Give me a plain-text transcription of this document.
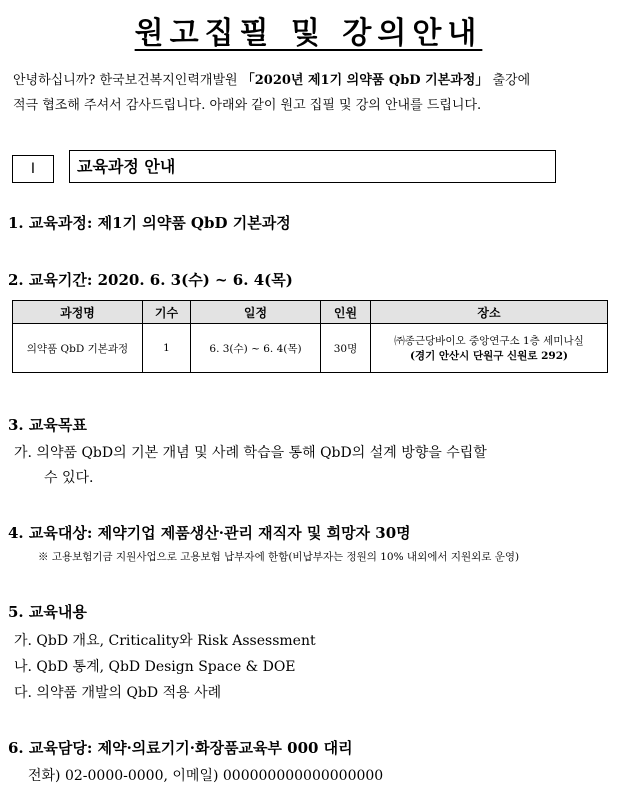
원고집필 및 강의안내
안녕하십니까? 한국보건복지인력개발원 「2020년 제1기 의약품 QbD 기본과정」 출강에
적극 협조해 주셔서 감사드립니다. 아래와 같이 원고 집필 및 강의 안내를 드립니다.
Ⅰ	교육과정 안내
1. 교육과정: 제1기 의약품 QbD 기본과정
2. 교육기간: 2020. 6. 3(수) ~ 6. 4(목)
과정명	기수	일정	인원	장소
의약품 QbD 기본과정	1	6. 3(수) ~ 6. 4(목)	30명	㈜종근당바이오 중앙연구소 1층 세미나실
(경기 안산시 단원구 신원로 292)
3. 교육목표
가. 의약품 QbD의 기본 개념 및 사례 학습을 통해 QbD의 설계 방향을 수립할
수 있다.
4. 교육대상: 제약기업 제품생산·관리 재직자 및 희망자 30명
※ 고용보험기금 지원사업으로 고용보험 납부자에 한함(비납부자는 정원의 10% 내외에서 지원외로 운영)
5. 교육내용
가. QbD 개요, Criticality와 Risk Assessment
나. QbD 통계, QbD Design Space & DOE
다. 의약품 개발의 QbD 적용 사례
6. 교육담당: 제약·의료기기·화장품교육부 000 대리
전화) 02-0000-0000, 이메일) 000000000000000000
